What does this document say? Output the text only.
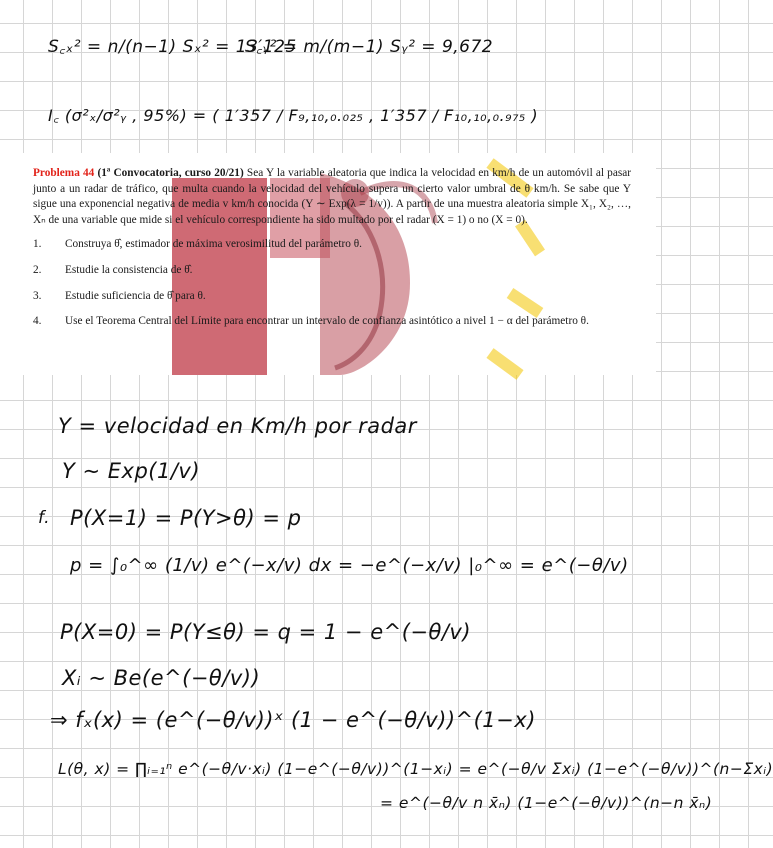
S꜀ₓ² = n/(n−1) Sₓ² = 13′125
S꜀ᵧ² = m/(m−1) Sᵧ² = 9,672
I꜀ (σ²ₓ/σ²ᵧ , 95%) = ( 1′357 / F₉,₁₀,₀.₀₂₅ , 1′357 / F₁₀,₁₀,₀.₉₇₅ )
Problema 44 (1ª Convocatoria, curso 20/21) Sea Y la variable aleatoria que indica la velocidad en km/h de un automóvil al pasar junto a un radar de tráfico, que multa cuando la velocidad del vehículo supera un cierto valor umbral de θ km/h. Se sabe que Y sigue una exponencial negativa de media v km/h conocida (Y ∼ Exp(λ = 1/v)). A partir de una muestra aleatoria simple X₁, X₂, …, Xₙ de una variable que mide si el vehículo correspondiente ha sido multado por el radar (X = 1) o no (X = 0).
1. Construya θ̂, estimador de máxima verosimilitud del parámetro θ.
2. Estudie la consistencia de θ̂.
3. Estudie suficiencia de θ̂ para θ.
4. Use el Teorema Central del Límite para encontrar un intervalo de confianza asintótico a nivel 1 − α del parámetro θ.
Y = velocidad en Km/h por radar
Y ∼ Exp(1/v)
f. P(X=1) = P(Y>θ) = p
p = ∫₀^∞ (1/v) e^(−x/v) dx = −e^(−x/v) |₀^∞ = e^(−θ/v)
P(X=0) = P(Y≤θ) = q = 1 − e^(−θ/v)
Xᵢ ∼ Be(e^(−θ/v))
⇒ fₓ(x) = (e^(−θ/v))ˣ (1 − e^(−θ/v))^(1−x)
L(θ, x) = ∏ᵢ₌₁ⁿ e^(−θ/v·xᵢ) (1−e^(−θ/v))^(1−xᵢ) = e^(−θ/v Σxᵢ) (1−e^(−θ/v))^(n−Σxᵢ)
= e^(−θ/v n x̄ₙ) (1−e^(−θ/v))^(n−n x̄ₙ)
